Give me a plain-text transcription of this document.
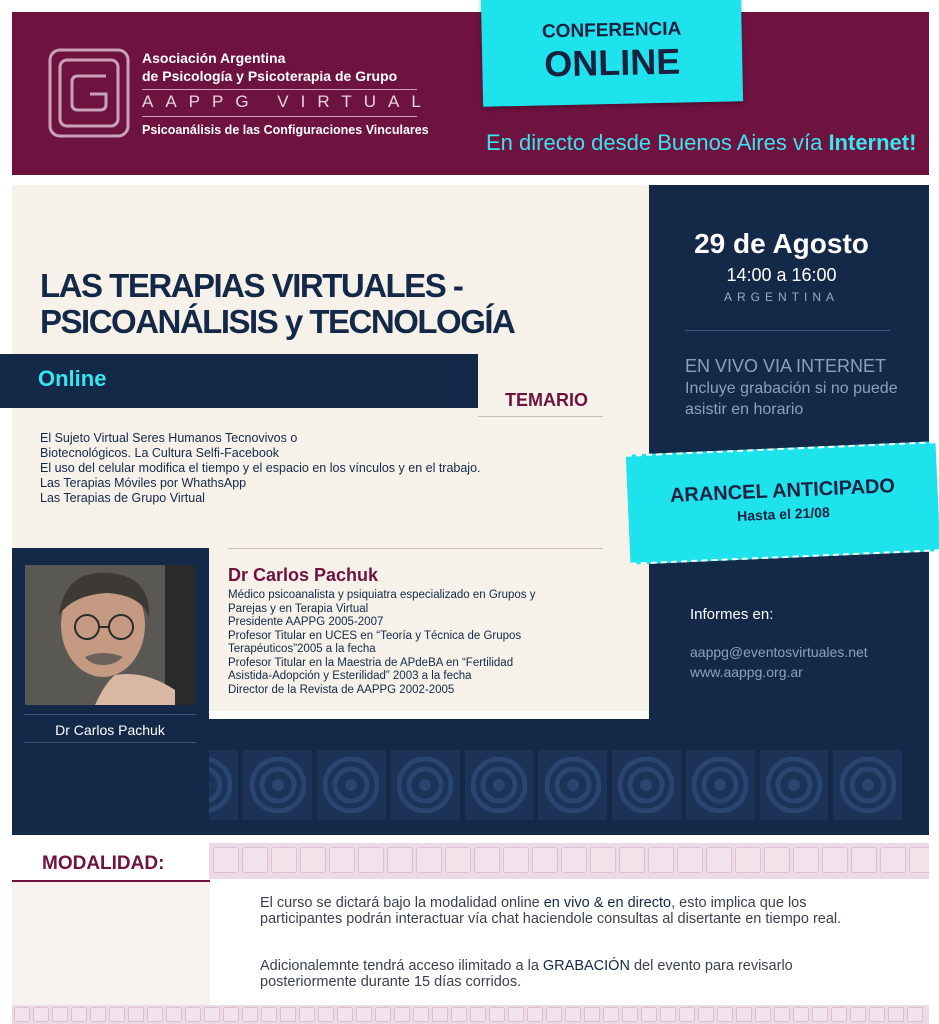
Asociación Argentina
de Psicología y Psicoterapia de Grupo
AAPPG VIRTUAL
Psicoanálisis de las Configuraciones Vinculares	En directo desde Buenos Aires vía Internet!
CONFERENCIA
ONLINE
29 de Agosto
14:00 a 16:00
ARGENTINA
EN VIVO VIA INTERNET
Incluye grabación si no puede asistir en horario
ARANCEL ANTICIPADO
Hasta el 21/08
Informes en:
aappg@eventosvirtuales.net
www.aappg.org.ar
LAS TERAPIAS VIRTUALES -
PSICOANÁLISIS y TECNOLOGÍA
Online
TEMARIO
El Sujeto Virtual Seres Humanos Tecnovivos o
Biotecnológicos. La Cultura Selfi-Facebook
El uso del celular modifica el tiempo y el espacio en los vínculos y en el trabajo.
Las Terapias Móviles por WhathsApp
Las Terapias de Grupo Virtual
Dr Carlos Pachuk
Dr Carlos Pachuk
Médico psicoanalista y psiquiatra especializado en Grupos y
Parejas y en Terapia Virtual
Presidente AAPPG 2005-2007
Profesor Titular en UCES en “Teoría y Técnica de Grupos
Terapéuticos”2005 a la fecha
Profesor Titular en la Maestria de APdeBA en “Fertilidad
Asistida-Adopción y Esterilidad” 2003 a la fecha
Director de la Revista de AAPPG 2002-2005
MODALIDAD:

El curso se dictará bajo la modalidad online en vivo & en directo, esto implica que los participantes podrán interactuar vía chat haciendole consultas al disertante en tiempo real.

Adicionalemnte tendrá acceso ilimitado a la GRABACIÓN del evento para revisarlo posteriormente durante 15 días corridos.
